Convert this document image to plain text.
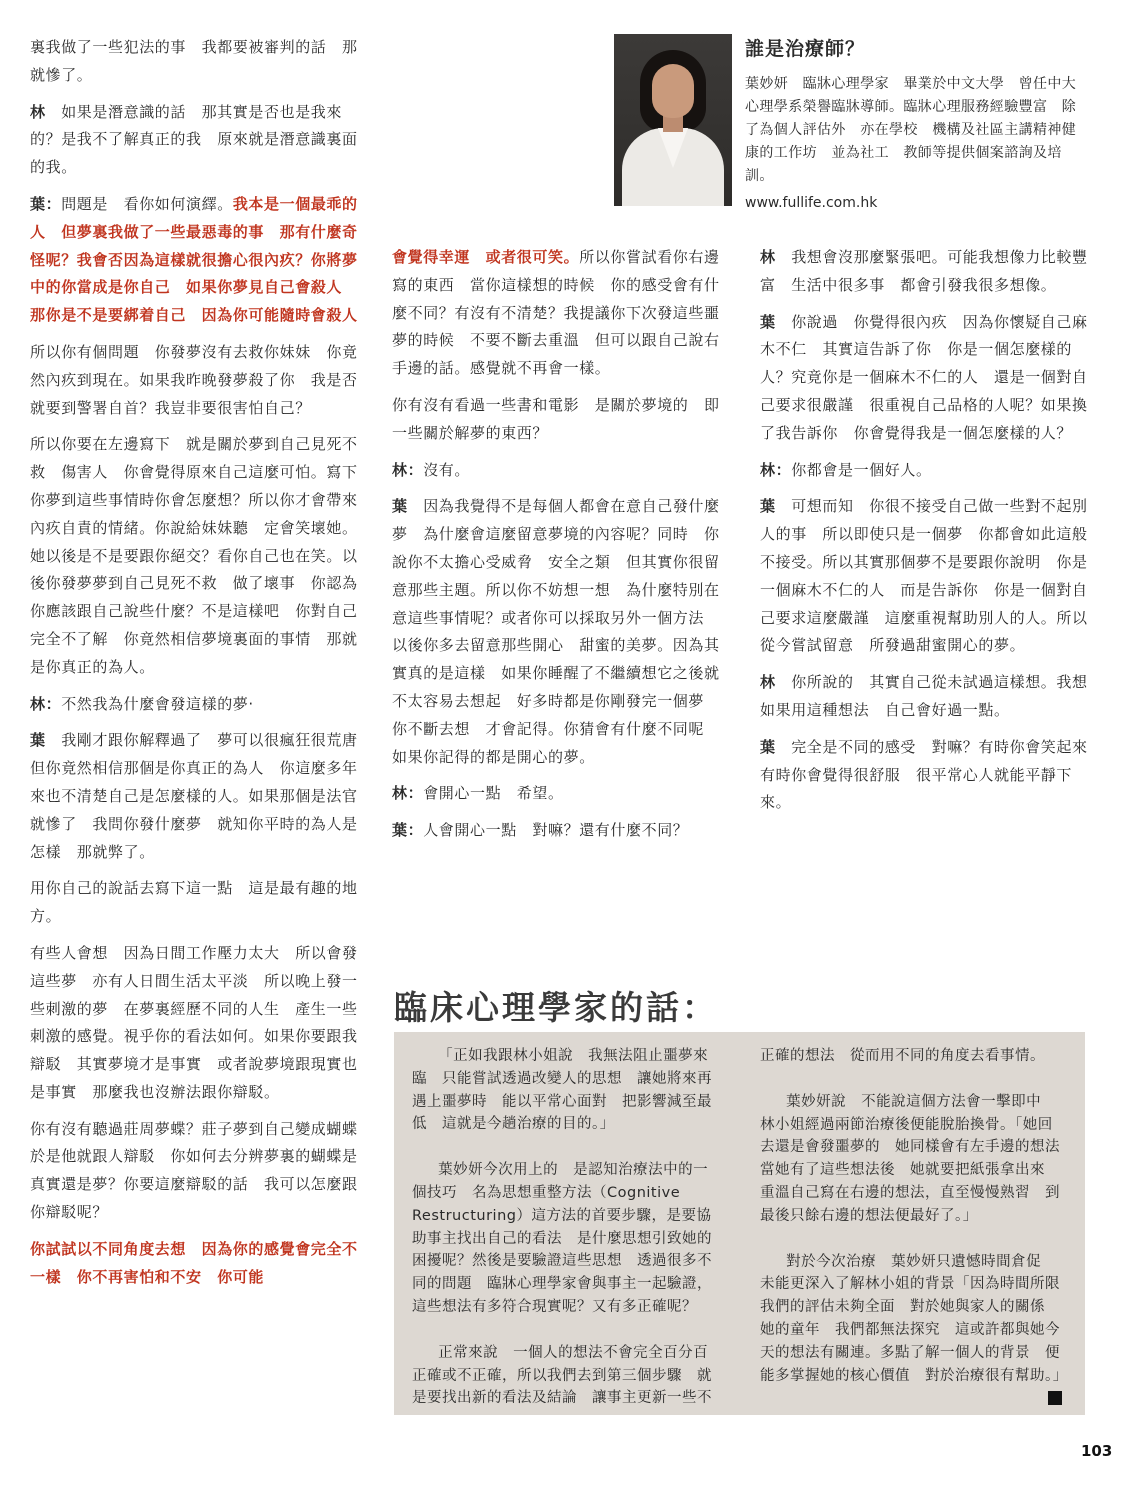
裏我做了一些犯法的事　我都要被審判的話　那就慘了。

林　如果是潛意識的話　那其實是否也是我來的？是我不了解真正的我　原來就是潛意識裏面的我。

葉：問題是　看你如何演繹。我本是一個最乖的人　但夢裏我做了一些最惡毒的事　那有什麼奇怪呢？我會否因為這樣就很擔心很內疚？你將夢中的你當成是你自己　如果你夢見自己會殺人　那你是不是要綁着自己　因為你可能隨時會殺人

所以你有個問題　你發夢沒有去救你妹妹　你竟然內疚到現在。如果我昨晚發夢殺了你　我是否就要到警署自首？我豈非要很害怕自己？

所以你要在左邊寫下　就是關於夢到自己見死不救　傷害人　你會覺得原來自己這麼可怕。寫下你夢到這些事情時你會怎麼想？所以你才會帶來內疚自責的情緒。你說給妹妹聽　定會笑壞她。她以後是不是要跟你絕交？看你自己也在笑。以後你發夢夢到自己見死不救　做了壞事　你認為你應該跟自己說些什麼？不是這樣吧　你對自己完全不了解　你竟然相信夢境裏面的事情　那就是你真正的為人。

林：不然我為什麼會發這樣的夢·

葉　我剛才跟你解釋過了　夢可以很瘋狂很荒唐　但你竟然相信那個是你真正的為人　你這麼多年來也不清楚自己是怎麼樣的人。如果那個是法官就慘了　我問你發什麼夢　就知你平時的為人是怎樣　那就弊了。

用你自己的說話去寫下這一點　這是最有趣的地方。

有些人會想　因為日間工作壓力太大　所以會發這些夢　亦有人日間生活太平淡　所以晚上發一些刺激的夢　在夢裏經歷不同的人生　產生一些刺激的感覺。視乎你的看法如何。如果你要跟我辯駁　其實夢境才是事實　或者說夢境跟現實也是事實　那麼我也沒辦法跟你辯駁。

你有沒有聽過莊周夢蝶？莊子夢到自己變成蝴蝶　於是他就跟人辯駁　你如何去分辨夢裏的蝴蝶是真實還是夢？你要這麼辯駁的話　我可以怎麼跟你辯駁呢？

你試試以不同角度去想　因為你的感覺會完全不一樣　你不再害怕和不安　你可能

會覺得幸運　或者很可笑。所以你嘗試看你右邊寫的東西　當你這樣想的時候　你的感受會有什麼不同？有沒有不清楚？我提議你下次發這些噩夢的時候　不要不斷去重溫　但可以跟自己說右手邊的話。感覺就不再會一樣。

你有沒有看過一些書和電影　是關於夢境的　即一些關於解夢的東西？

林：沒有。

葉　因為我覺得不是每個人都會在意自己發什麼夢　為什麼會這麼留意夢境的內容呢？同時　你說你不太擔心受威脅　安全之類　但其實你很留意那些主題。所以你不妨想一想　為什麼特別在意這些事情呢？或者你可以採取另外一個方法　以後你多去留意那些開心　甜蜜的美夢。因為其實真的是這樣　如果你睡醒了不繼續想它之後就不太容易去想起　好多時都是你剛發完一個夢　你不斷去想　才會記得。你猜會有什麼不同呢　如果你記得的都是開心的夢。

林：會開心一點　希望。

葉：人會開心一點　對嘛？還有什麼不同？

林　我想會沒那麼緊張吧。可能我想像力比較豐富　生活中很多事　都會引發我很多想像。

葉　你說過　你覺得很內疚　因為你懷疑自己麻木不仁　其實這告訴了你　你是一個怎麼樣的人？究竟你是一個麻木不仁的人　還是一個對自己要求很嚴謹　很重視自己品格的人呢？如果換了我告訴你　你會覺得我是一個怎麼樣的人？

林：你都會是一個好人。

葉　可想而知　你很不接受自己做一些對不起別人的事　所以即使只是一個夢　你都會如此這般不接受。所以其實那個夢不是要跟你說明　你是一個麻木不仁的人　而是告訴你　你是一個對自己要求這麼嚴謹　這麼重視幫助別人的人。所以從今嘗試留意　所發過甜蜜開心的夢。

林　你所說的　其實自己從未試過這樣想。我想如果用這種想法　自己會好過一點。

葉　完全是不同的感受　對嘛？有時你會笑起來　有時你會覺得很舒服　很平常心人就能平靜下來。

誰是治療師？

葉妙妍　臨牀心理學家　畢業於中文大學　曾任中大心理學系榮譽臨牀導師。臨牀心理服務經驗豐富　除了為個人評估外　亦在學校　機構及社區主講精神健康的工作坊　並為社工　教師等提供個案諮詢及培訓。

www.fullife.com.hk

臨床心理學家的話：

「正如我跟林小姐說　我無法阻止噩夢來臨　只能嘗試透過改變人的思想　讓她將來再遇上噩夢時　能以平常心面對　把影響減至最低　這就是今趟治療的目的。」

葉妙妍今次用上的　是認知治療法中的一個技巧　名為思想重整方法（Cognitive Restructuring）這方法的首要步驟，是要協助事主找出自己的看法　是什麼思想引致她的困擾呢？然後是要驗證這些思想　透過很多不同的問題　臨牀心理學家會與事主一起驗證，這些想法有多符合現實呢？又有多正確呢？

正常來說　一個人的想法不會完全百分百正確或不正確，所以我們去到第三個步驟　就是要找出新的看法及結論　讓事主更新一些不

正確的想法　從而用不同的角度去看事情。

葉妙妍說　不能說這個方法會一擊即中　林小姐經過兩節治療後便能脫胎換骨。「她回去還是會發噩夢的　她同樣會有左手邊的想法　當她有了這些想法後　她就要把紙張拿出來　重溫自己寫在右邊的想法，直至慢慢熟習　到最後只餘右邊的想法便最好了。」

對於今次治療　葉妙妍只遺憾時間倉促　未能更深入了解林小姐的背景「因為時間所限　我們的評估未夠全面　對於她與家人的關係　她的童年　我們都無法探究　這或許都與她今天的想法有關連。多點了解一個人的背景　便能多掌握她的核心價值　對於治療很有幫助。」

103
